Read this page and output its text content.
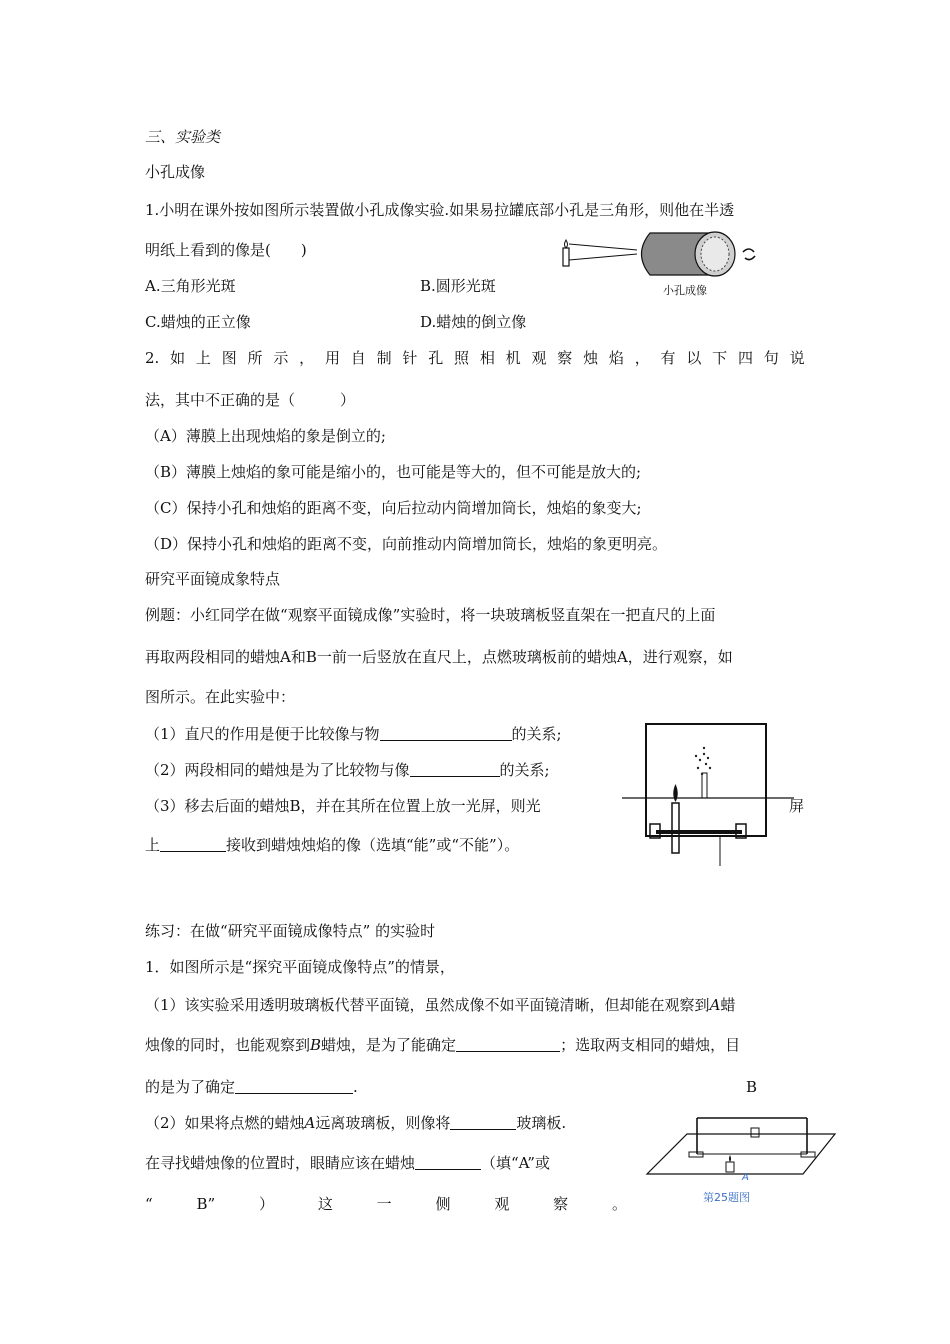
三、实验类
小孔成像
1.小明在课外按如图所示装置做小孔成像实验.如果易拉罐底部小孔是三角形，则他在半透
明纸上看到的像是(　　)
A.三角形光斑	B.圆形光斑
C.蜡烛的正立像	D.蜡烛的倒立像
小孔成像
2. 如 上 图 所 示 ， 用 自 制 针 孔 照 相 机 观 察 烛 焰 ， 有 以 下 四 句 说
法，其中不正确的是（　　　）
（A）薄膜上出现烛焰的象是倒立的;
（B）薄膜上烛焰的象可能是缩小的，也可能是等大的，但不可能是放大的;
（C）保持小孔和烛焰的距离不变，向后拉动内筒增加筒长，烛焰的象变大;
（D）保持小孔和烛焰的距离不变，向前推动内筒增加筒长，烛焰的象更明亮。
研究平面镜成象特点
例题：小红同学在做“观察平面镜成像”实验时，将一块玻璃板竖直架在一把直尺的上面
再取两段相同的蜡烛A和B一前一后竖放在直尺上，点燃玻璃板前的蜡烛A，进行观察，如
图所示。在此实验中：
（1）直尺的作用是便于比较像与物	的关系;
（2）两段相同的蜡烛是为了比较物与像	的关系;
（3）移去后面的蜡烛B，并在其所在位置上放一光屏，则光	屏
上	接收到蜡烛烛焰的像（选填“能”或“不能”）。
练习：在做“研究平面镜成像特点” 的实验时
1．如图所示是“探究平面镜成像特点”的情景，
（1）该实验采用透明玻璃板代替平面镜，虽然成像不如平面镜清晰，但却能在观察到A蜡
烛像的同时，也能观察到B蜡烛，是为了能确定	；选取两支相同的蜡烛，目
的是为了确定	.	B
（2）如果将点燃的蜡烛A远离玻璃板，则像将	玻璃板.
在寻找蜡烛像的位置时，眼睛应该在蜡烛	（填“A”或
“	B”	）	这	一	侧	观	察	。
A
第25题图
